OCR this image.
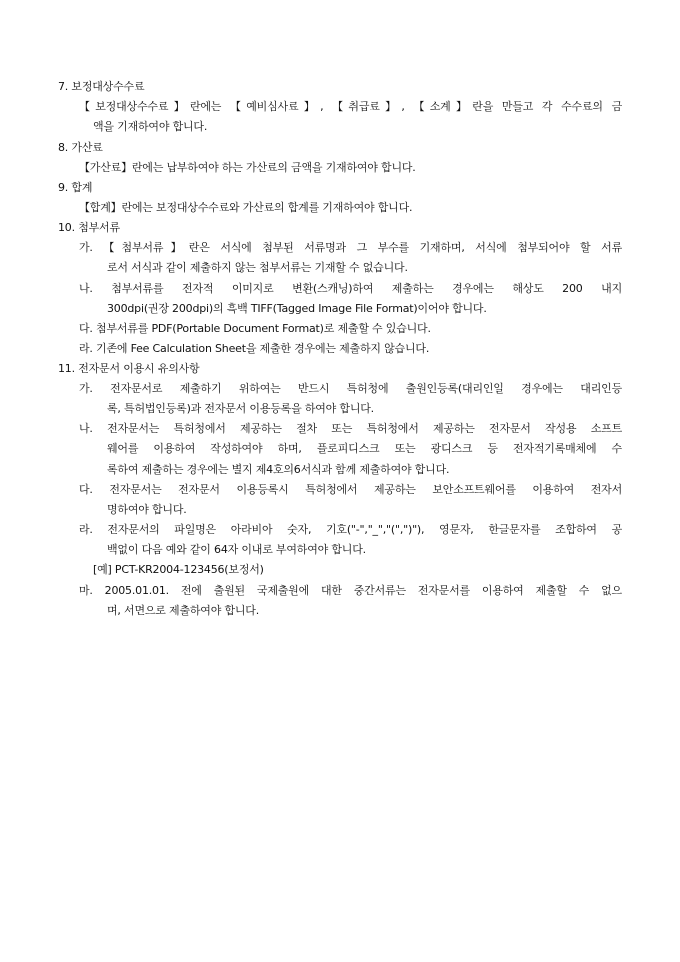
7. 보정대상수수료
【보정대상수수료】란에는 【예비심사료】, 【취급료】, 【소계】란을 만들고 각 수수료의 금
액을 기재하여야 합니다.
8. 가산료
【가산료】란에는 납부하여야 하는 가산료의 금액을 기재하여야 합니다.
9. 합계
【합계】란에는 보정대상수수료와 가산료의 합계를 기재하여야 합니다.
10. 첨부서류
가. 【첨부서류】란은 서식에 첨부된 서류명과 그 부수를 기재하며, 서식에 첨부되어야 할 서류
로서 서식과 같이 제출하지 않는 첨부서류는 기재할 수 없습니다.
나. 첨부서류를 전자적 이미지로 변환(스캐닝)하여 제출하는 경우에는 해상도 200 내지
300dpi(권장 200dpi)의 흑백 TIFF(Tagged Image File Format)이어야 합니다.
다. 첨부서류를 PDF(Portable Document Format)로 제출할 수 있습니다.
라. 기존에 Fee Calculation Sheet을 제출한 경우에는 제출하지 않습니다.
11. 전자문서 이용시 유의사항
가. 전자문서로 제출하기 위하여는 반드시 특허청에 출원인등록(대리인일 경우에는 대리인등
록, 특허법인등록)과 전자문서 이용등록을 하여야 합니다.
나. 전자문서는 특허청에서 제공하는 절차 또는 특허청에서 제공하는 전자문서 작성용 소프트
웨어를 이용하여 작성하여야 하며, 플로피디스크 또는 광디스크 등 전자적기록매체에 수
록하여 제출하는 경우에는 별지 제4호의6서식과 함께 제출하여야 합니다.
다. 전자문서는 전자문서 이용등록시 특허청에서 제공하는 보안소프트웨어를 이용하여 전자서
명하여야 합니다.
라. 전자문서의 파일명은 아라비아 숫자, 기호("-","_","(",")"), 영문자, 한글문자를 조합하여 공
백없이 다음 예와 같이 64자 이내로 부여하여야 합니다.
[예] PCT-KR2004-123456(보정서)
마. 2005.01.01. 전에 출원된 국제출원에 대한 중간서류는 전자문서를 이용하여 제출할 수 없으
며, 서면으로 제출하여야 합니다.
